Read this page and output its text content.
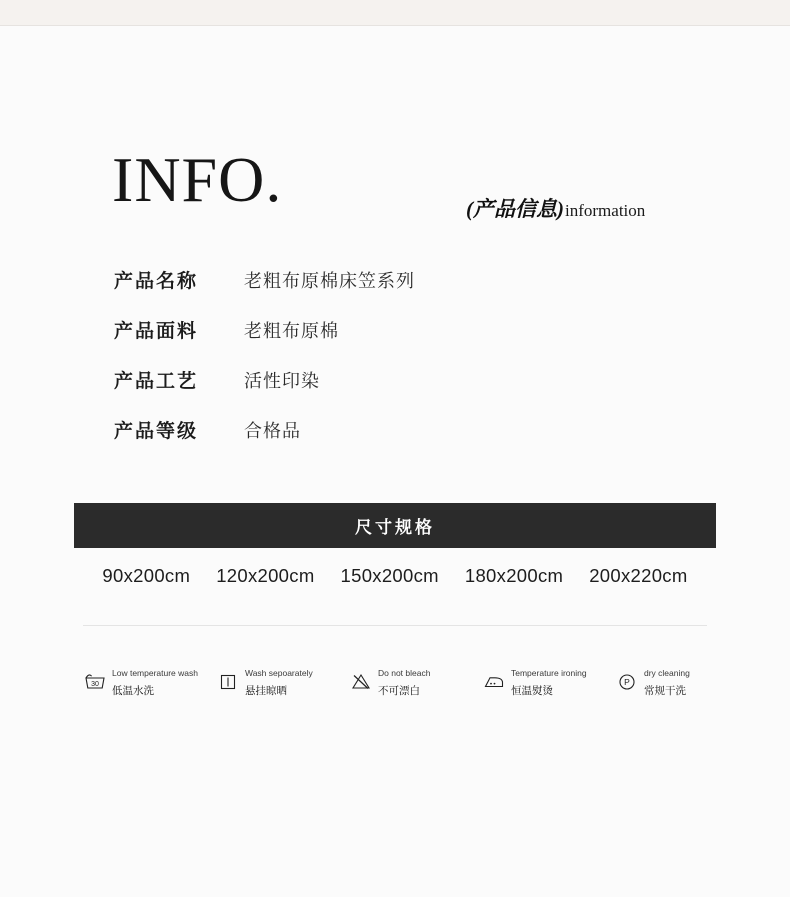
INFO.	(产品信息)information
产品名称	老粗布原棉床笠系列
产品面料	老粗布原棉
产品工艺	活性印染
产品等级	合格品
尺寸规格
90x200cm 120x200cm 150x200cm 180x200cm 200x220cm
30
Low temperature wash
低温水洗
Wash sepoarately
悬挂晾晒
Do not bleach
不可漂白
Temperature ironing
恒温熨烫
P
dry cleaning
常规干洗
